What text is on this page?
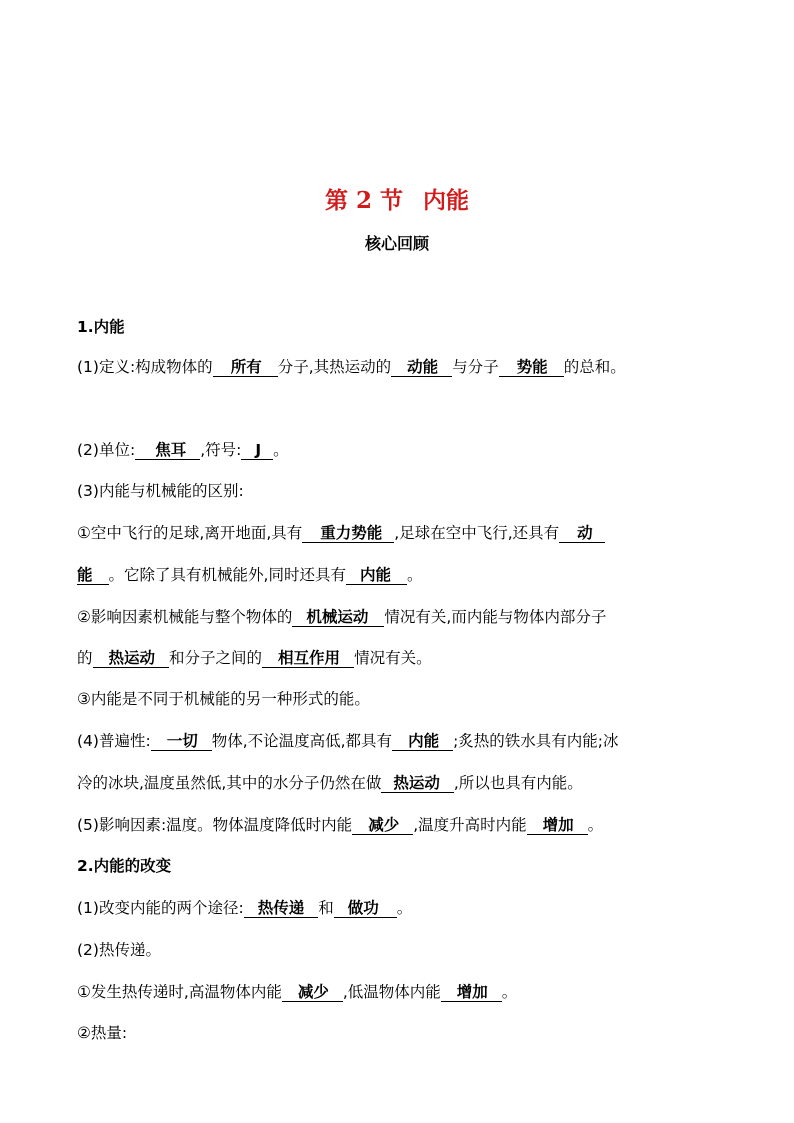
第 2 节 内能
核心回顾
1.内能
(1)定义:构成物体的 所有 分子,其热运动的 动能 与分子 势能 的总和。
(2)单位: 焦耳 ,符号: J 。
(3)内能与机械能的区别:
①空中飞行的足球,离开地面,具有 重力势能 ,足球在空中飞行,还具有 动
能 。它除了具有机械能外,同时还具有 内能 。
②影响因素机械能与整个物体的 机械运动 情况有关,而内能与物体内部分子
的 热运动 和分子之间的 相互作用 情况有关。
③内能是不同于机械能的另一种形式的能。
(4)普遍性: 一切 物体,不论温度高低,都具有 内能 ;炙热的铁水具有内能;冰
冷的冰块,温度虽然低,其中的水分子仍然在做 热运动 ,所以也具有内能。
(5)影响因素:温度。物体温度降低时内能 减少 ,温度升高时内能 增加 。
2.内能的改变
(1)改变内能的两个途径: 热传递 和 做功 。
(2)热传递。
①发生热传递时,高温物体内能 减少 ,低温物体内能 增加 。
②热量:
